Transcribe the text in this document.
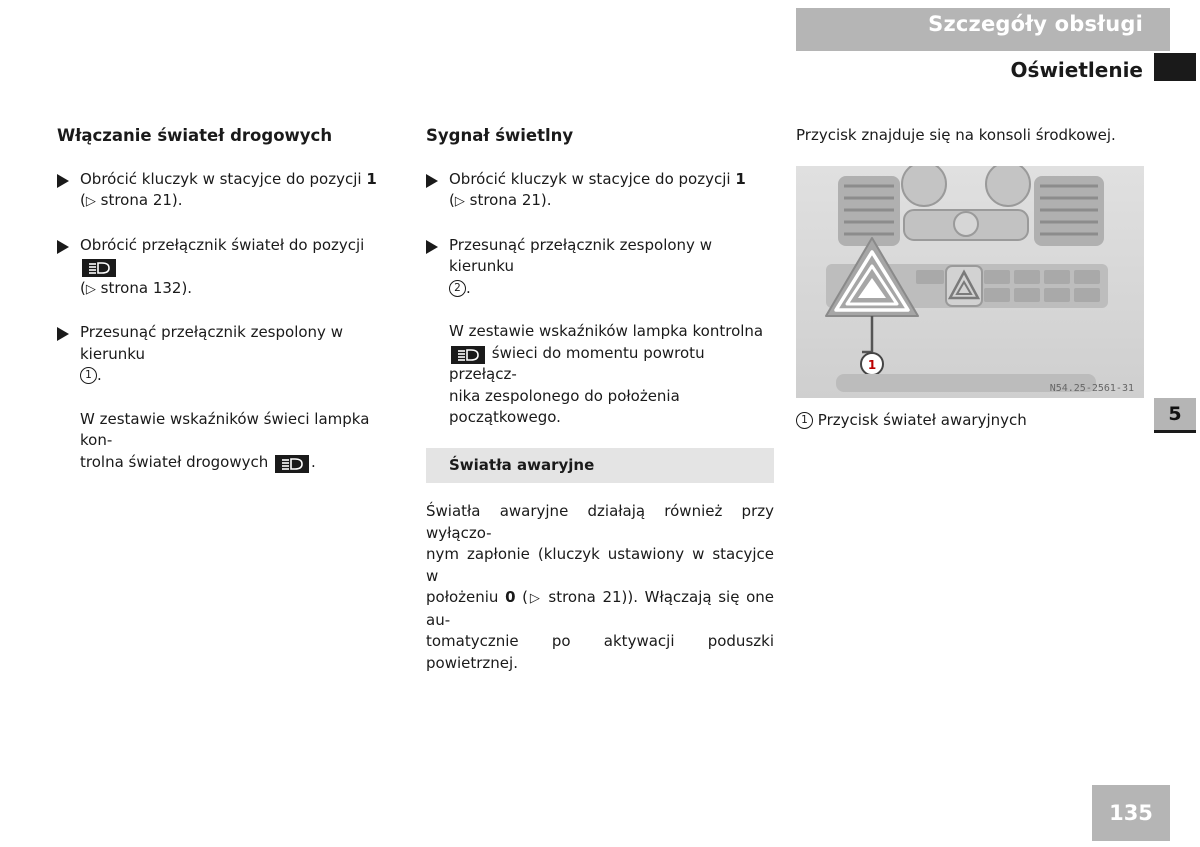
Szczegóły obsługi
Oświetlenie
Włączanie świateł drogowych
Obrócić kluczyk w stacyjce do pozycji 1
(▷ strona 21).
Obrócić przełącznik świateł do pozycji

(▷ strona 132).
Przesunąć przełącznik zespolony w kierunku
1 .
W zestawie wskaźników świeci lampka kon-
trolna świateł drogowych	.
Sygnał świetlny
Obrócić kluczyk w stacyjce do pozycji 1
(▷ strona 21).
Przesunąć przełącznik zespolony w kierunku
2 .
W zestawie wskaźników lampka kontrolna

świeci do momentu powrotu przełącz-
nika zespolonego do położenia początkowego.
Światła awaryjne
Światła awaryjne działają również przy wyłączo-
nym zapłonie (kluczyk ustawiony w stacyjce w
położeniu 0 (▷ strona 21)). Włączają się one au-
tomatycznie po aktywacji poduszki powietrznej.
Przycisk znajduje się na konsoli środkowej.
1
N54.25-2561-31
1 Przycisk świateł awaryjnych	5
135
